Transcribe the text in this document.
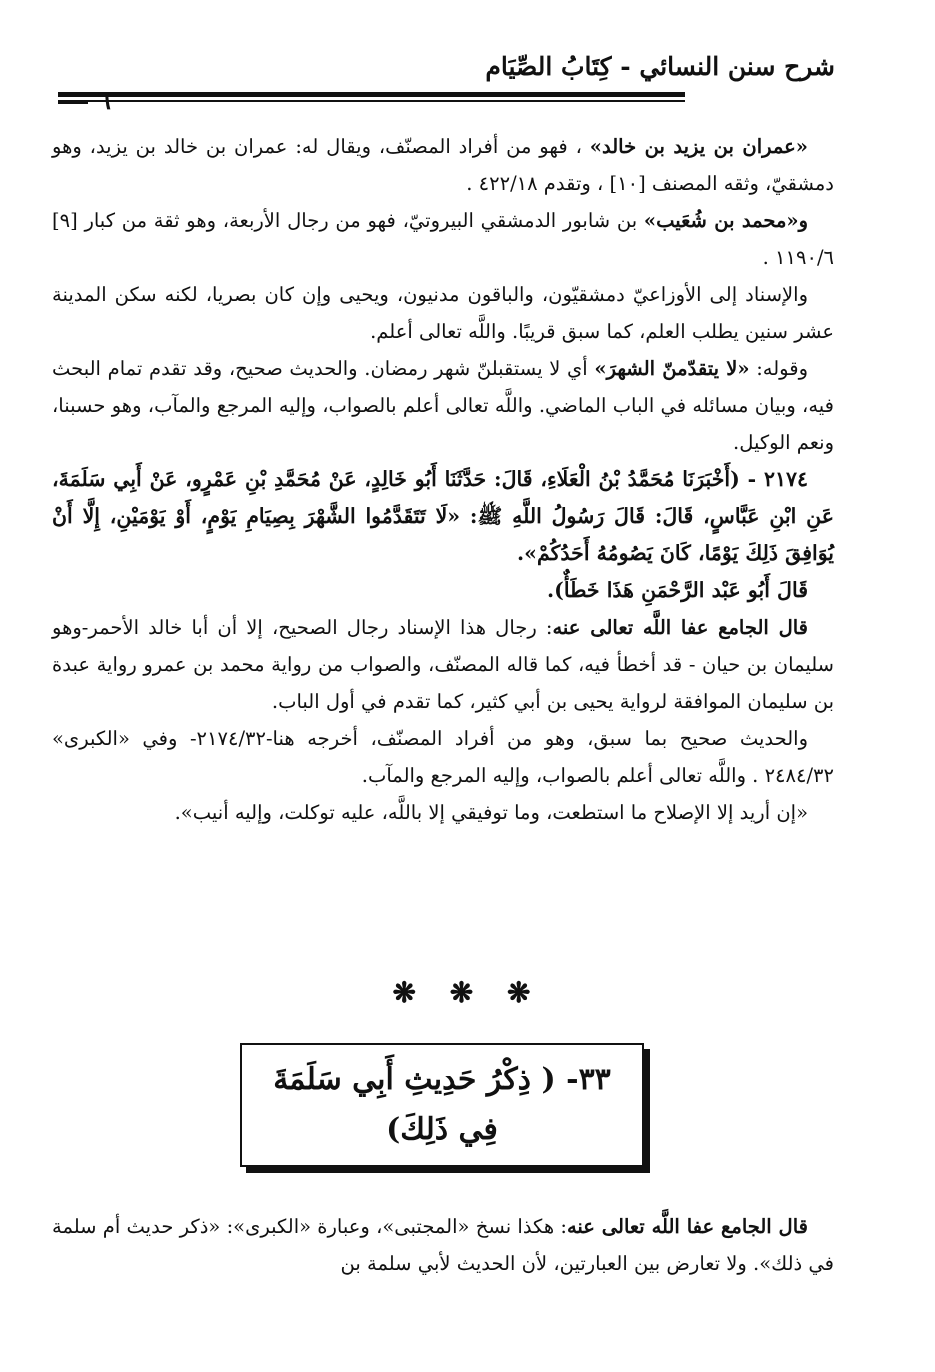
شرح سنن النسائي - كِتَابُ الصِّيَام
٦

«عمران بن يزيد بن خالد» ، فهو من أفراد المصنّف، ويقال له: عمران بن خالد بن يزيد، وهو دمشقيّ، وثقه المصنف [١٠] ، وتقدم ٤٢٢/١٨ .

و«محمد بن شُعَيب» بن شابور الدمشقي البيروتيّ، فهو من رجال الأربعة، وهو ثقة من كبار [٩] ١١٩٠/٦ .

والإسناد إلى الأوزاعيّ دمشقيّون، والباقون مدنيون، ويحيى وإن كان بصريا، لكنه سكن المدينة عشر سنين يطلب العلم، كما سبق قريبًا. واللَّه تعالى أعلم.

وقوله: «لا يتقدّمنّ الشهرَ» أي لا يستقبلنّ شهر رمضان. والحديث صحيح، وقد تقدم تمام البحث فيه، وبيان مسائله في الباب الماضي. واللَّه تعالى أعلم بالصواب، وإليه المرجع والمآب، وهو حسبنا، ونعم الوكيل.

٢١٧٤ - (أَخْبَرَنَا مُحَمَّدُ بْنُ الْعَلَاءِ، قَالَ: حَدَّثَنَا أَبُو خَالِدٍ، عَنْ مُحَمَّدِ بْنِ عَمْرٍو، عَنْ أَبِي سَلَمَةَ، عَنِ ابْنِ عَبَّاسٍ، قَالَ: قَالَ رَسُولُ اللَّهِ ﷺ: «لَا تَتَقَدَّمُوا الشَّهْرَ بِصِيَامِ يَوْمٍ، أَوْ يَوْمَيْنِ، إِلَّا أَنْ يُوَافِقَ ذَلِكَ يَوْمًا، كَانَ يَصُومُهُ أَحَدُكُمْ».

قَالَ أَبُو عَبْد الرَّحْمَنِ هَذَا خَطَأٌ).

قال الجامع عفا اللَّه تعالى عنه: رجال هذا الإسناد رجال الصحيح، إلا أن أبا خالد الأحمر-وهو سليمان بن حيان - قد أخطأ فيه، كما قاله المصنّف، والصواب من رواية محمد بن عمرو رواية عبدة بن سليمان الموافقة لرواية يحيى بن أبي كثير، كما تقدم في أول الباب.

والحديث صحيح بما سبق، وهو من أفراد المصنّف، أخرجه هنا-٢١٧٤/٣٢- وفي «الكبرى» ٢٤٨٤/٣٢ . واللَّه تعالى أعلم بالصواب، وإليه المرجع والمآب.

«إن أريد إلا الإصلاح ما استطعت، وما توفيقي إلا باللَّه، عليه توكلت، وإليه أنيب».

❋ ❋ ❋
٣٣- ( ذِكْرُ حَدِيثِ أَبِي سَلَمَةَ فِي ذَلِكَ)

قال الجامع عفا اللَّه تعالى عنه: هكذا نسخ «المجتبى»، وعبارة «الكبرى»: «ذكر حديث أم سلمة في ذلك». ولا تعارض بين العبارتين، لأن الحديث لأبي سلمة بن
